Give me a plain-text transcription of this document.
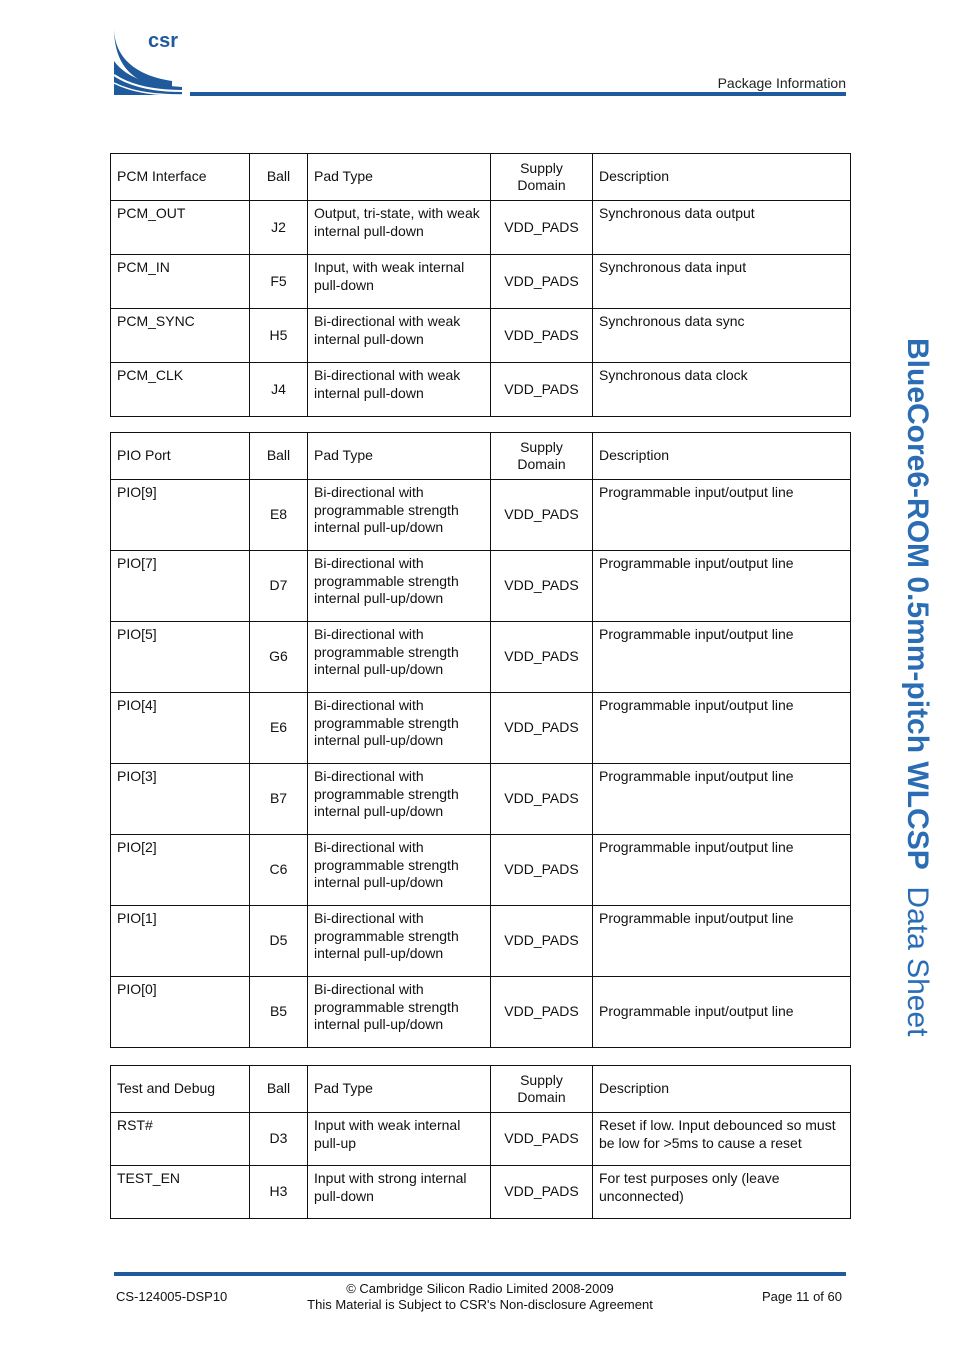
csr
Package Information
BlueCore6-ROM 0.5mm-pitch WLCSP  Data Sheet
PCM Interface	Ball	Pad Type	Supply Domain	Description
PCM_OUT	J2	Output, tri-state, with weak internal pull-down	VDD_PADS	Synchronous data output
PCM_IN	F5	Input, with weak internal pull-down	VDD_PADS	Synchronous data input
PCM_SYNC	H5	Bi-directional with weak internal pull-down	VDD_PADS	Synchronous data sync
PCM_CLK	J4	Bi-directional with weak internal pull-down	VDD_PADS	Synchronous data clock
PIO Port	Ball	Pad Type	Supply Domain	Description
PIO[9]	E8	Bi-directional with programmable strength internal pull-up/down	VDD_PADS	Programmable input/output line
PIO[7]	D7	Bi-directional with programmable strength internal pull-up/down	VDD_PADS	Programmable input/output line
PIO[5]	G6	Bi-directional with programmable strength internal pull-up/down	VDD_PADS	Programmable input/output line
PIO[4]	E6	Bi-directional with programmable strength internal pull-up/down	VDD_PADS	Programmable input/output line
PIO[3]	B7	Bi-directional with programmable strength internal pull-up/down	VDD_PADS	Programmable input/output line
PIO[2]	C6	Bi-directional with programmable strength internal pull-up/down	VDD_PADS	Programmable input/output line
PIO[1]	D5	Bi-directional with programmable strength internal pull-up/down	VDD_PADS	Programmable input/output line
PIO[0]	B5	Bi-directional with programmable strength internal pull-up/down	VDD_PADS	Programmable input/output line
Test and Debug	Ball	Pad Type	Supply Domain	Description
RST#	D3	Input with weak internal pull-up	VDD_PADS	Reset if low. Input debounced so must be low for >5ms to cause a reset
TEST_EN	H3	Input with strong internal pull-down	VDD_PADS	For test purposes only (leave unconnected)
CS-124005-DSP10
© Cambridge Silicon Radio Limited 2008-2009
This Material is Subject to CSR's Non-disclosure Agreement
Page 11 of 60
